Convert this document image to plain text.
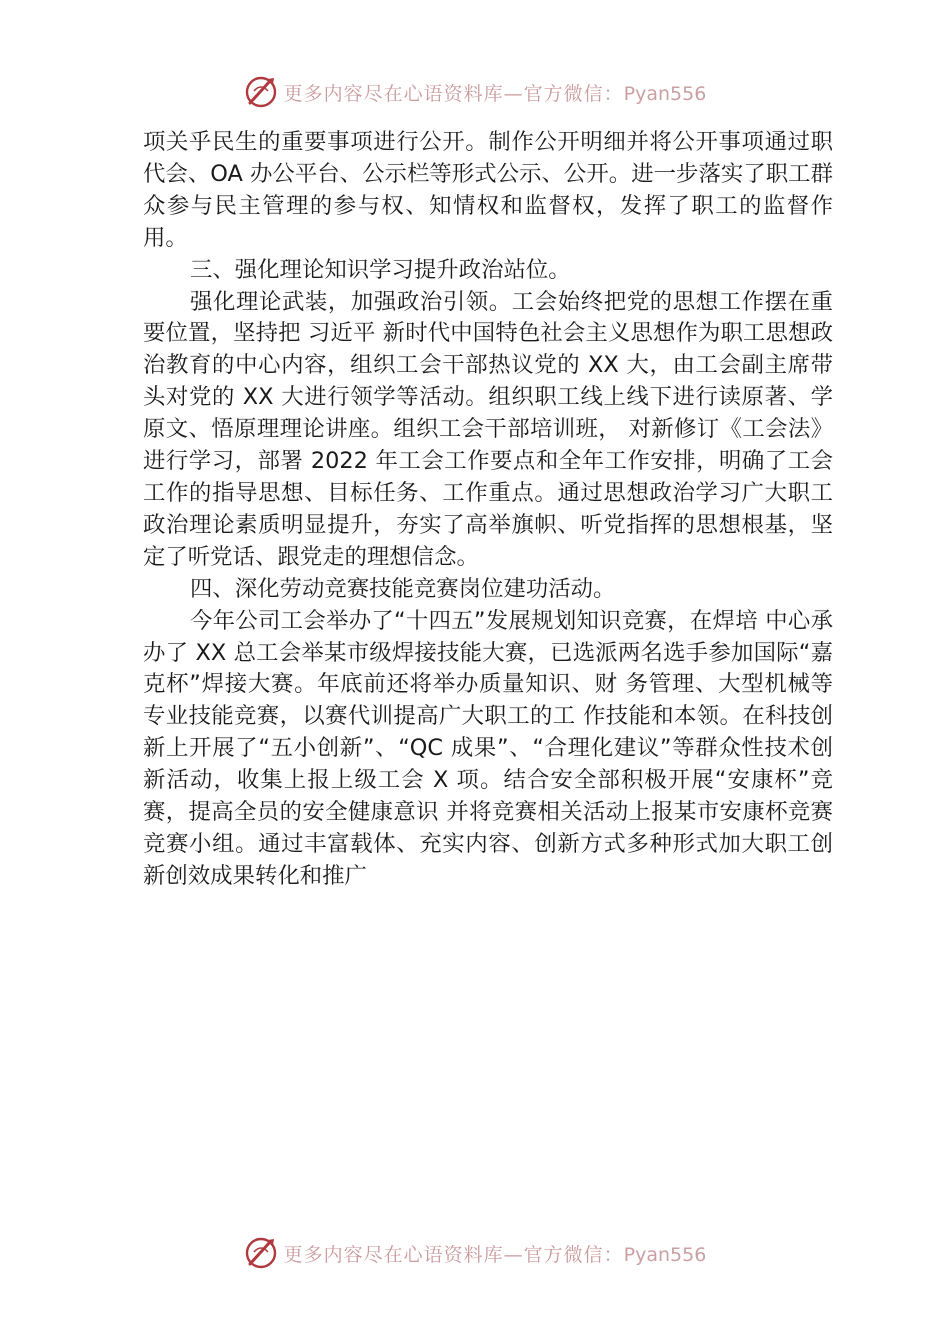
更多内容尽在心语资料库—官方微信：Pyan556

项关乎民生的重要事项进行公开。制作公开明细并将公开事项通过职代会、OA 办公平台、公示栏等形式公示、公开。进一步落实了职工群众参与民主管理的参与权、知情权和监督权，发挥了职工的监督作用。

三、强化理论知识学习提升政治站位。

强化理论武装，加强政治引领。工会始终把党的思想工作摆在重要位置，坚持把 习近平 新时代中国特色社会主义思想作为职工思想政治教育的中心内容，组织工会干部热议党的 XX 大，由工会副主席带头对党的 XX 大进行领学等活动。组织职工线上线下进行读原著、学原文、悟原理理论讲座。组织工会干部培训班， 对新修订《工会法》进行学习，部署 2022 年工会工作要点和全年工作安排，明确了工会工作的指导思想、目标任务、工作重点。通过思想政治学习广大职工政治理论素质明显提升，夯实了高举旗帜、听党指挥的思想根基，坚定了听党话、跟党走的理想信念。

四、深化劳动竞赛技能竞赛岗位建功活动。

今年公司工会举办了“十四五”发展规划知识竞赛，在焊培 中心承办了 XX 总工会举某市级焊接技能大赛，已选派两名选手参加国际“嘉克杯”焊接大赛。年底前还将举办质量知识、财 务管理、大型机械等专业技能竞赛，以赛代训提高广大职工的工 作技能和本领。在科技创新上开展了“五小创新”、“QC 成果”、“合理化建议”等群众性技术创新活动，收集上报上级工会 X 项。结合安全部积极开展“安康杯”竞赛，提高全员的安全健康意识 并将竞赛相关活动上报某市安康杯竞赛竞赛小组。通过丰富载体、充实内容、创新方式多种形式加大职工创新创效成果转化和推广

更多内容尽在心语资料库—官方微信：Pyan556
